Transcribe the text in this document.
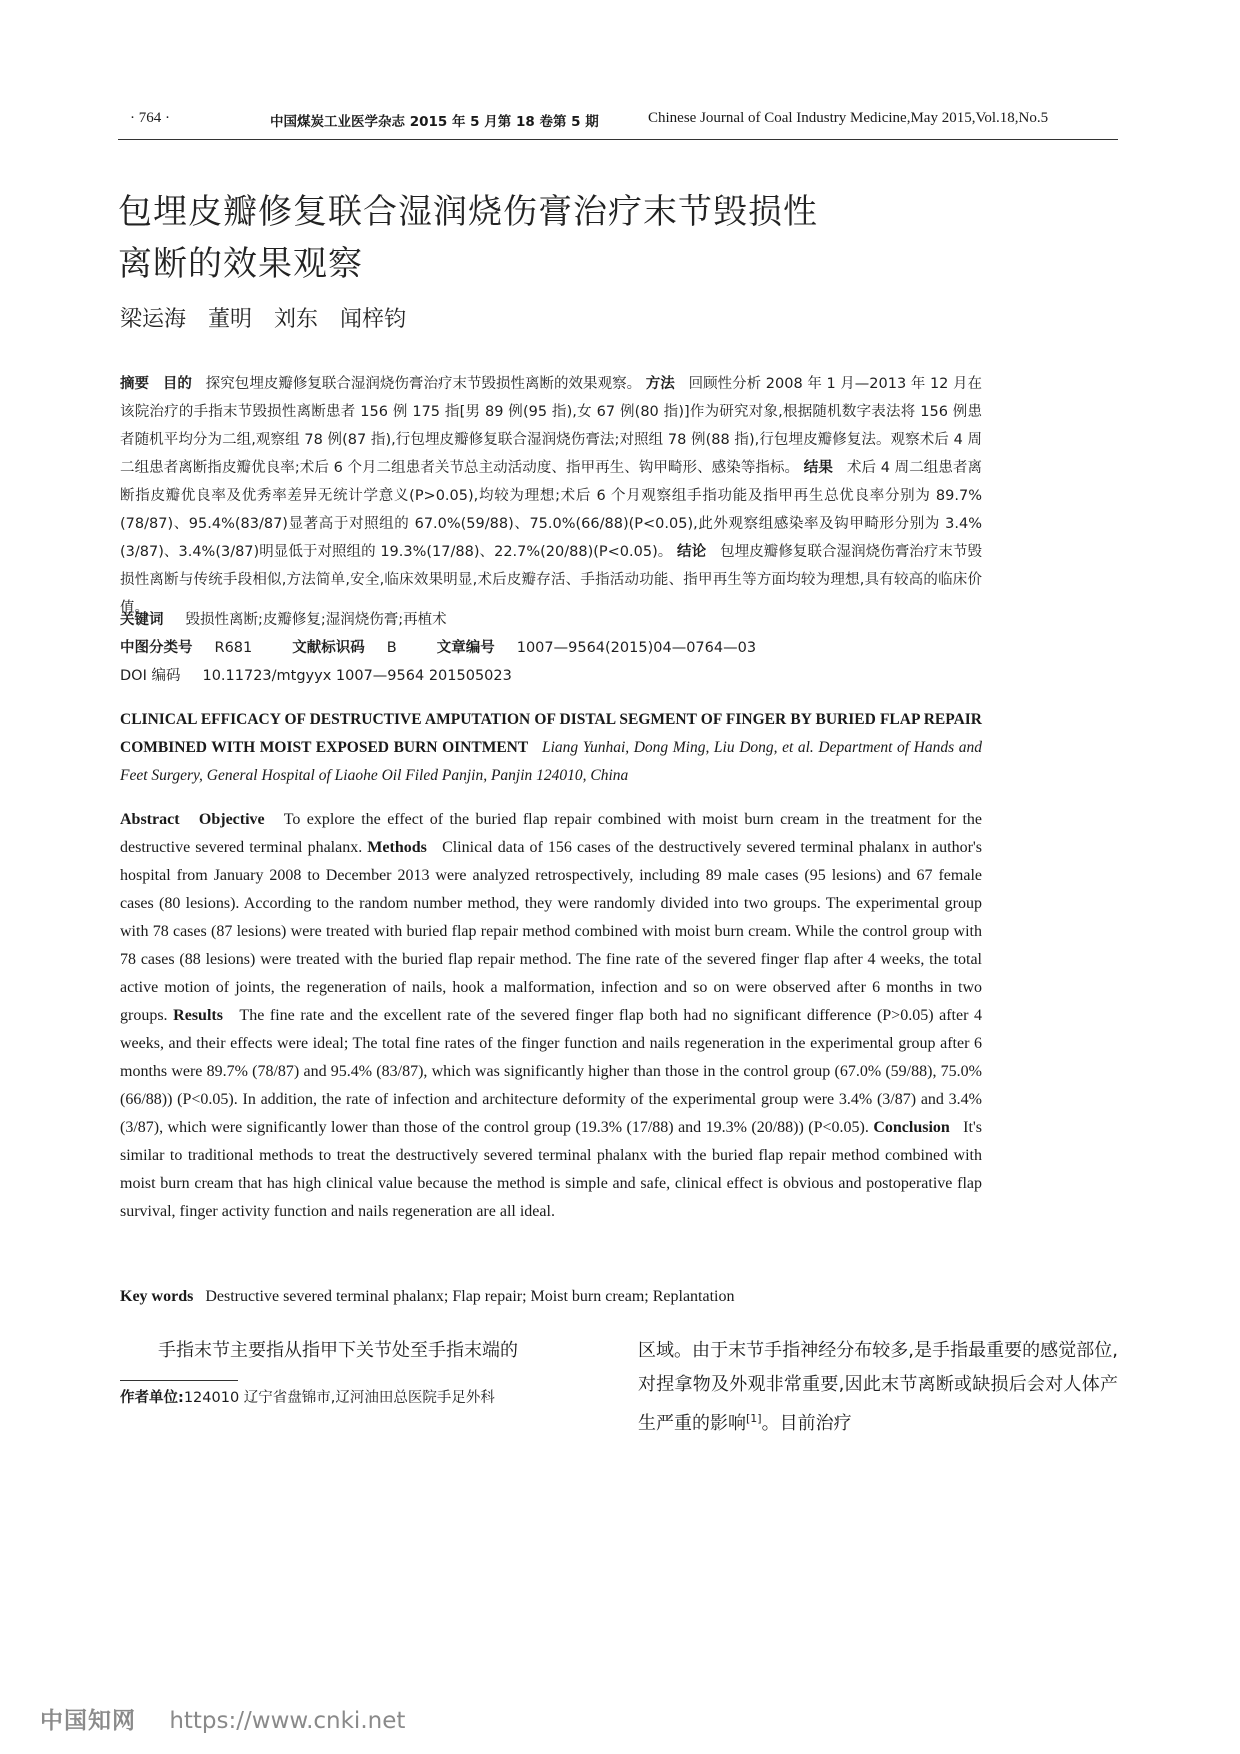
· 764 ·	中国煤炭工业医学杂志 2015 年 5 月第 18 卷第 5 期	Chinese Journal of Coal Industry Medicine,May 2015,Vol.18,No.5
包埋皮瓣修复联合湿润烧伤膏治疗末节毁损性
离断的效果观察
梁运海　董明　刘东　闻梓钧
摘要 目的 探究包埋皮瓣修复联合湿润烧伤膏治疗末节毁损性离断的效果观察。 方法 回顾性分析 2008 年 1 月—2013 年 12 月在该院治疗的手指末节毁损性离断患者 156 例 175 指[男 89 例(95 指),女 67 例(80 指)]作为研究对象,根据随机数字表法将 156 例患者随机平均分为二组,观察组 78 例(87 指),行包埋皮瓣修复联合湿润烧伤膏法;对照组 78 例(88 指),行包埋皮瓣修复法。观察术后 4 周二组患者离断指皮瓣优良率;术后 6 个月二组患者关节总主动活动度、指甲再生、钩甲畸形、感染等指标。 结果 术后 4 周二组患者离断指皮瓣优良率及优秀率差异无统计学意义(P>0.05),均较为理想;术后 6 个月观察组手指功能及指甲再生总优良率分别为 89.7%(78/87)、95.4%(83/87)显著高于对照组的 67.0%(59/88)、75.0%(66/88)(P<0.05),此外观察组感染率及钩甲畸形分别为 3.4%(3/87)、3.4%(3/87)明显低于对照组的 19.3%(17/88)、22.7%(20/88)(P<0.05)。 结论 包埋皮瓣修复联合湿润烧伤膏治疗末节毁损性离断与传统手段相似,方法简单,安全,临床效果明显,术后皮瓣存活、手指活动功能、指甲再生等方面均较为理想,具有较高的临床价值。
关键词 毁损性离断;皮瓣修复;湿润烧伤膏;再植术
中图分类号 R681	文献标识码 B	文章编号 1007—9564(2015)04—0764—03
DOI 编码 10.11723/mtgyyx 1007—9564 201505023
CLINICAL EFFICACY OF DESTRUCTIVE AMPUTATION OF DISTAL SEGMENT OF FINGER BY BURIED FLAP REPAIR COMBINED WITH MOIST EXPOSED BURN OINTMENT Liang Yunhai, Dong Ming, Liu Dong, et al. Department of Hands and Feet Surgery, General Hospital of Liaohe Oil Filed Panjin, Panjin 124010, China
Abstract Objective To explore the effect of the buried flap repair combined with moist burn cream in the treatment for the destructive severed terminal phalanx. Methods Clinical data of 156 cases of the destructively severed terminal phalanx in author's hospital from January 2008 to December 2013 were analyzed retrospectively, including 89 male cases (95 lesions) and 67 female cases (80 lesions). According to the random number method, they were randomly divided into two groups. The experimental group with 78 cases (87 lesions) were treated with buried flap repair method combined with moist burn cream. While the control group with 78 cases (88 lesions) were treated with the buried flap repair method. The fine rate of the severed finger flap after 4 weeks, the total active motion of joints, the regeneration of nails, hook a malformation, infection and so on were observed after 6 months in two groups. Results The fine rate and the excellent rate of the severed finger flap both had no significant difference (P>0.05) after 4 weeks, and their effects were ideal; The total fine rates of the finger function and nails regeneration in the experimental group after 6 months were 89.7% (78/87) and 95.4% (83/87), which was significantly higher than those in the control group (67.0% (59/88), 75.0% (66/88)) (P<0.05). In addition, the rate of infection and architecture deformity of the experimental group were 3.4% (3/87) and 3.4% (3/87), which were significantly lower than those of the control group (19.3% (17/88) and 19.3% (20/88)) (P<0.05). Conclusion It's similar to traditional methods to treat the destructively severed terminal phalanx with the buried flap repair method combined with moist burn cream that has high clinical value because the method is simple and safe, clinical effect is obvious and postoperative flap survival, finger activity function and nails regeneration are all ideal.
Key words Destructive severed terminal phalanx; Flap repair; Moist burn cream; Replantation
手指末节主要指从指甲下关节处至手指末端的
作者单位:124010 辽宁省盘锦市,辽河油田总医院手足外科
区域。由于末节手指神经分布较多,是手指最重要的感觉部位,对捏拿物及外观非常重要,因此末节离断或缺损后会对人体产生严重的影响[1]。目前治疗
中国知网 https://www.cnki.net
